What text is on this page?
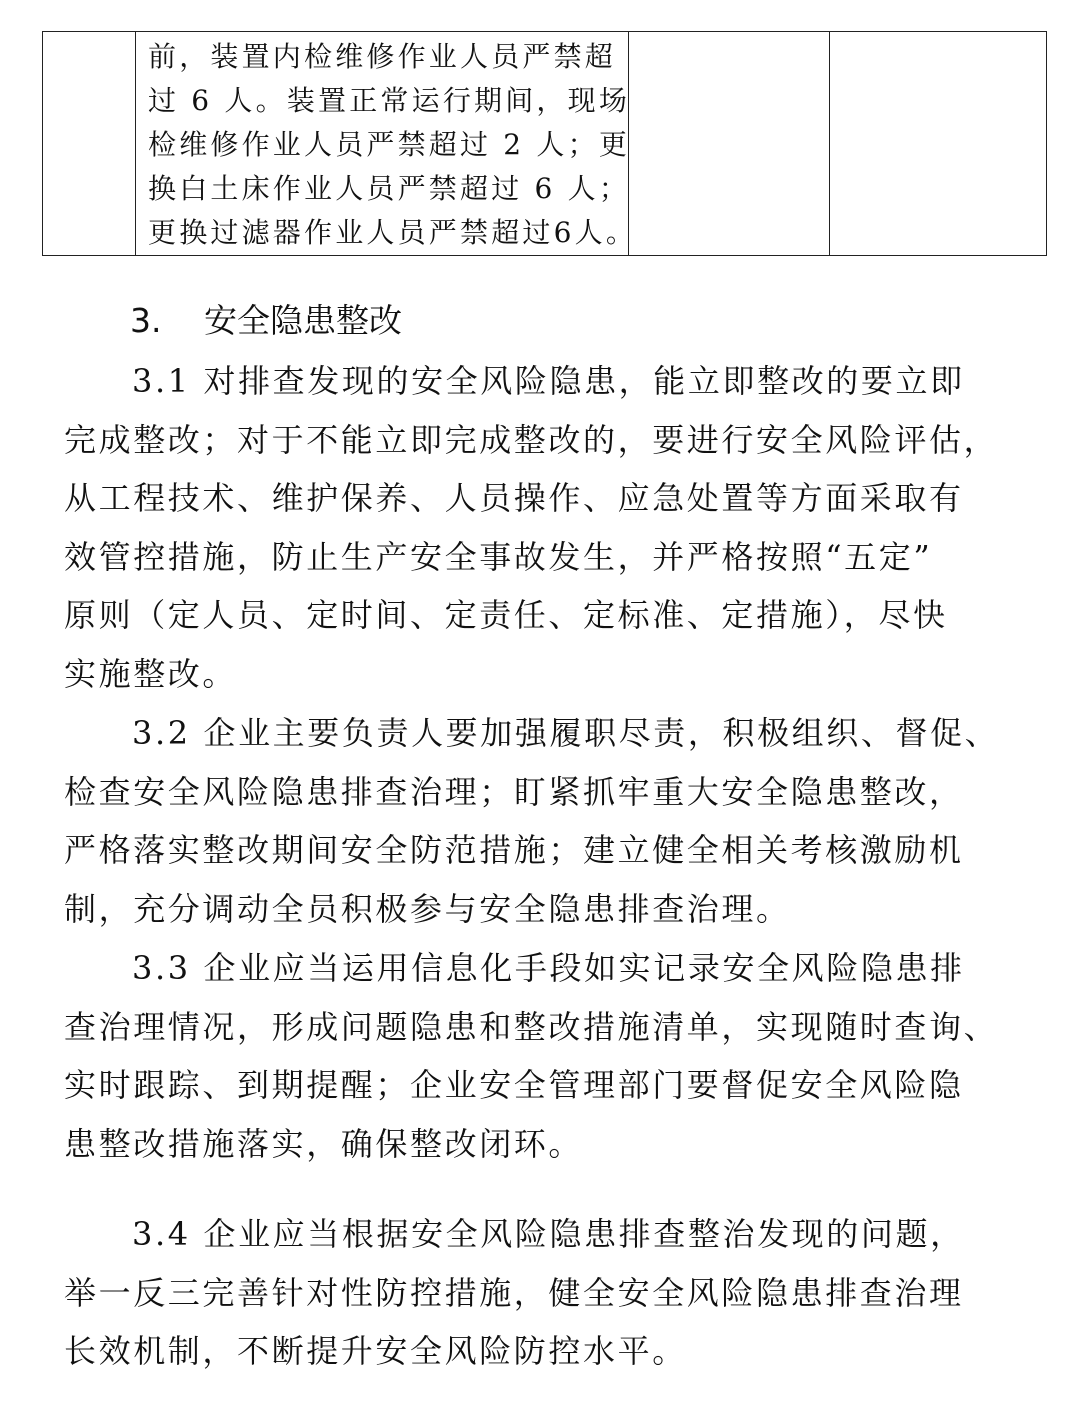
前，装置内检维修作业人员严禁超
过 6 人。装置正常运行期间，现场
检维修作业人员严禁超过 2 人；更
换白土床作业人员严禁超过 6 人；
更换过滤器作业人员严禁超过6人。

3. 安全隐患整改
3.1 对排查发现的安全风险隐患，能立即整改的要立即
完成整改；对于不能立即完成整改的，要进行安全风险评估，
从工程技术、维护保养、人员操作、应急处置等方面采取有
效管控措施，防止生产安全事故发生，并严格按照“五定”
原则（定人员、定时间、定责任、定标准、定措施），尽快
实施整改。
3.2 企业主要负责人要加强履职尽责，积极组织、督促、
检查安全风险隐患排查治理；盯紧抓牢重大安全隐患整改，
严格落实整改期间安全防范措施；建立健全相关考核激励机
制，充分调动全员积极参与安全隐患排查治理。
3.3 企业应当运用信息化手段如实记录安全风险隐患排
查治理情况，形成问题隐患和整改措施清单，实现随时查询、
实时跟踪、到期提醒；企业安全管理部门要督促安全风险隐
患整改措施落实，确保整改闭环。
3.4 企业应当根据安全风险隐患排查整治发现的问题，
举一反三完善针对性防控措施，健全安全风险隐患排查治理
长效机制，不断提升安全风险防控水平。
